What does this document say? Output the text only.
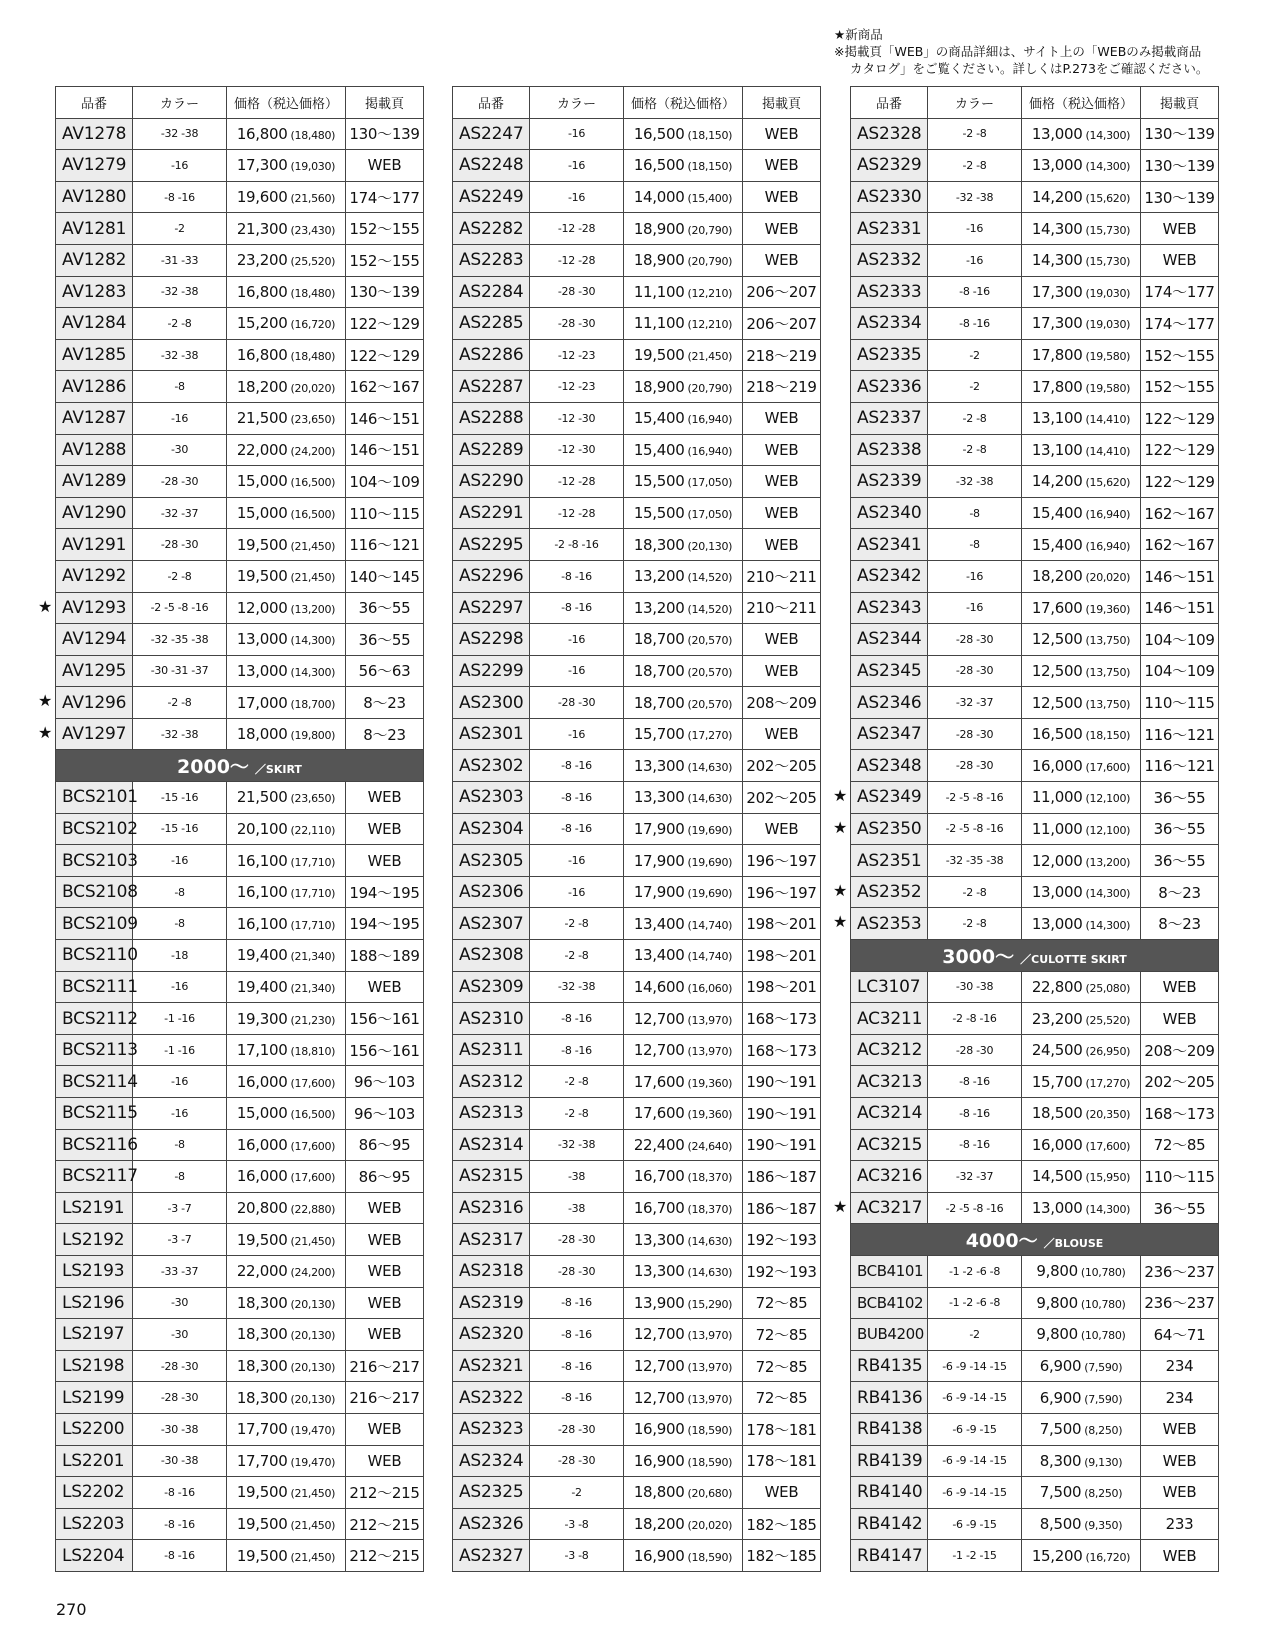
★新商品
※掲載頁「WEB」の商品詳細は、サイト上の「WEBのみ掲載商品
カタログ」をご覧ください。詳しくはP.273をご確認ください。
品番	カラー	価格（税込価格）	掲載頁
AV1278	-32 -38	16,800 (18,480)	130〜139
AV1279	-16	17,300 (19,030)	WEB
AV1280	-8 -16	19,600 (21,560)	174〜177
AV1281	-2	21,300 (23,430)	152〜155
AV1282	-31 -33	23,200 (25,520)	152〜155
AV1283	-32 -38	16,800 (18,480)	130〜139
AV1284	-2 -8	15,200 (16,720)	122〜129
AV1285	-32 -38	16,800 (18,480)	122〜129
AV1286	-8	18,200 (20,020)	162〜167
AV1287	-16	21,500 (23,650)	146〜151
AV1288	-30	22,000 (24,200)	146〜151
AV1289	-28 -30	15,000 (16,500)	104〜109
AV1290	-32 -37	15,000 (16,500)	110〜115
AV1291	-28 -30	19,500 (21,450)	116〜121
AV1292	-2 -8	19,500 (21,450)	140〜145

★ AV1293	-2 -5 -8 -16	12,000 (13,200)	36〜55
AV1294	-32 -35 -38	13,000 (14,300)	36〜55
AV1295	-30 -31 -37	13,000 (14,300)	56〜63

★ AV1296	-2 -8	17,000 (18,700)	8〜23

★ AV1297	-32 -38	18,000 (19,800)	8〜23
2000〜 ／SKIRT			
BCS2101	-15 -16	21,500 (23,650)	WEB
BCS2102	-15 -16	20,100 (22,110)	WEB
BCS2103	-16	16,100 (17,710)	WEB
BCS2108	-8	16,100 (17,710)	194〜195
BCS2109	-8	16,100 (17,710)	194〜195
BCS2110	-18	19,400 (21,340)	188〜189
BCS2111	-16	19,400 (21,340)	WEB
BCS2112	-1 -16	19,300 (21,230)	156〜161
BCS2113	-1 -16	17,100 (18,810)	156〜161
BCS2114	-16	16,000 (17,600)	96〜103
BCS2115	-16	15,000 (16,500)	96〜103
BCS2116	-8	16,000 (17,600)	86〜95
BCS2117	-8	16,000 (17,600)	86〜95
LS2191	-3 -7	20,800 (22,880)	WEB
LS2192	-3 -7	19,500 (21,450)	WEB
LS2193	-33 -37	22,000 (24,200)	WEB
LS2196	-30	18,300 (20,130)	WEB
LS2197	-30	18,300 (20,130)	WEB
LS2198	-28 -30	18,300 (20,130)	216〜217
LS2199	-28 -30	18,300 (20,130)	216〜217
LS2200	-30 -38	17,700 (19,470)	WEB
LS2201	-30 -38	17,700 (19,470)	WEB
LS2202	-8 -16	19,500 (21,450)	212〜215
LS2203	-8 -16	19,500 (21,450)	212〜215
LS2204	-8 -16	19,500 (21,450)	212〜215
品番	カラー	価格（税込価格）	掲載頁
AS2247	-16	16,500 (18,150)	WEB
AS2248	-16	16,500 (18,150)	WEB
AS2249	-16	14,000 (15,400)	WEB
AS2282	-12 -28	18,900 (20,790)	WEB
AS2283	-12 -28	18,900 (20,790)	WEB
AS2284	-28 -30	11,100 (12,210)	206〜207
AS2285	-28 -30	11,100 (12,210)	206〜207
AS2286	-12 -23	19,500 (21,450)	218〜219
AS2287	-12 -23	18,900 (20,790)	218〜219
AS2288	-12 -30	15,400 (16,940)	WEB
AS2289	-12 -30	15,400 (16,940)	WEB
AS2290	-12 -28	15,500 (17,050)	WEB
AS2291	-12 -28	15,500 (17,050)	WEB
AS2295	-2 -8 -16	18,300 (20,130)	WEB
AS2296	-8 -16	13,200 (14,520)	210〜211
AS2297	-8 -16	13,200 (14,520)	210〜211
AS2298	-16	18,700 (20,570)	WEB
AS2299	-16	18,700 (20,570)	WEB
AS2300	-28 -30	18,700 (20,570)	208〜209
AS2301	-16	15,700 (17,270)	WEB
AS2302	-8 -16	13,300 (14,630)	202〜205
AS2303	-8 -16	13,300 (14,630)	202〜205
AS2304	-8 -16	17,900 (19,690)	WEB
AS2305	-16	17,900 (19,690)	196〜197
AS2306	-16	17,900 (19,690)	196〜197
AS2307	-2 -8	13,400 (14,740)	198〜201
AS2308	-2 -8	13,400 (14,740)	198〜201
AS2309	-32 -38	14,600 (16,060)	198〜201
AS2310	-8 -16	12,700 (13,970)	168〜173
AS2311	-8 -16	12,700 (13,970)	168〜173
AS2312	-2 -8	17,600 (19,360)	190〜191
AS2313	-2 -8	17,600 (19,360)	190〜191
AS2314	-32 -38	22,400 (24,640)	190〜191
AS2315	-38	16,700 (18,370)	186〜187
AS2316	-38	16,700 (18,370)	186〜187
AS2317	-28 -30	13,300 (14,630)	192〜193
AS2318	-28 -30	13,300 (14,630)	192〜193
AS2319	-8 -16	13,900 (15,290)	72〜85
AS2320	-8 -16	12,700 (13,970)	72〜85
AS2321	-8 -16	12,700 (13,970)	72〜85
AS2322	-8 -16	12,700 (13,970)	72〜85
AS2323	-28 -30	16,900 (18,590)	178〜181
AS2324	-28 -30	16,900 (18,590)	178〜181
AS2325	-2	18,800 (20,680)	WEB
AS2326	-3 -8	18,200 (20,020)	182〜185
AS2327	-3 -8	16,900 (18,590)	182〜185
品番	カラー	価格（税込価格）	掲載頁
AS2328	-2 -8	13,000 (14,300)	130〜139
AS2329	-2 -8	13,000 (14,300)	130〜139
AS2330	-32 -38	14,200 (15,620)	130〜139
AS2331	-16	14,300 (15,730)	WEB
AS2332	-16	14,300 (15,730)	WEB
AS2333	-8 -16	17,300 (19,030)	174〜177
AS2334	-8 -16	17,300 (19,030)	174〜177
AS2335	-2	17,800 (19,580)	152〜155
AS2336	-2	17,800 (19,580)	152〜155
AS2337	-2 -8	13,100 (14,410)	122〜129
AS2338	-2 -8	13,100 (14,410)	122〜129
AS2339	-32 -38	14,200 (15,620)	122〜129
AS2340	-8	15,400 (16,940)	162〜167
AS2341	-8	15,400 (16,940)	162〜167
AS2342	-16	18,200 (20,020)	146〜151
AS2343	-16	17,600 (19,360)	146〜151
AS2344	-28 -30	12,500 (13,750)	104〜109
AS2345	-28 -30	12,500 (13,750)	104〜109
AS2346	-32 -37	12,500 (13,750)	110〜115
AS2347	-28 -30	16,500 (18,150)	116〜121
AS2348	-28 -30	16,000 (17,600)	116〜121

★ AS2349	-2 -5 -8 -16	11,000 (12,100)	36〜55

★ AS2350	-2 -5 -8 -16	11,000 (12,100)	36〜55
AS2351	-32 -35 -38	12,000 (13,200)	36〜55

★ AS2352	-2 -8	13,000 (14,300)	8〜23

★ AS2353	-2 -8	13,000 (14,300)	8〜23
3000〜 ／CULOTTE SKIRT			
LC3107	-30 -38	22,800 (25,080)	WEB
AC3211	-2 -8 -16	23,200 (25,520)	WEB
AC3212	-28 -30	24,500 (26,950)	208〜209
AC3213	-8 -16	15,700 (17,270)	202〜205
AC3214	-8 -16	18,500 (20,350)	168〜173
AC3215	-8 -16	16,000 (17,600)	72〜85
AC3216	-32 -37	14,500 (15,950)	110〜115

★ AC3217	-2 -5 -8 -16	13,000 (14,300)	36〜55
4000〜 ／BLOUSE			
BCB4101	-1 -2 -6 -8	9,800 (10,780)	236〜237
BCB4102	-1 -2 -6 -8	9,800 (10,780)	236〜237
BUB4200	-2	9,800 (10,780)	64〜71
RB4135	-6 -9 -14 -15	6,900 (7,590)	234
RB4136	-6 -9 -14 -15	6,900 (7,590)	234
RB4138	-6 -9 -15	7,500 (8,250)	WEB
RB4139	-6 -9 -14 -15	8,300 (9,130)	WEB
RB4140	-6 -9 -14 -15	7,500 (8,250)	WEB
RB4142	-6 -9 -15	8,500 (9,350)	233
RB4147	-1 -2 -15	15,200 (16,720)	WEB
270
